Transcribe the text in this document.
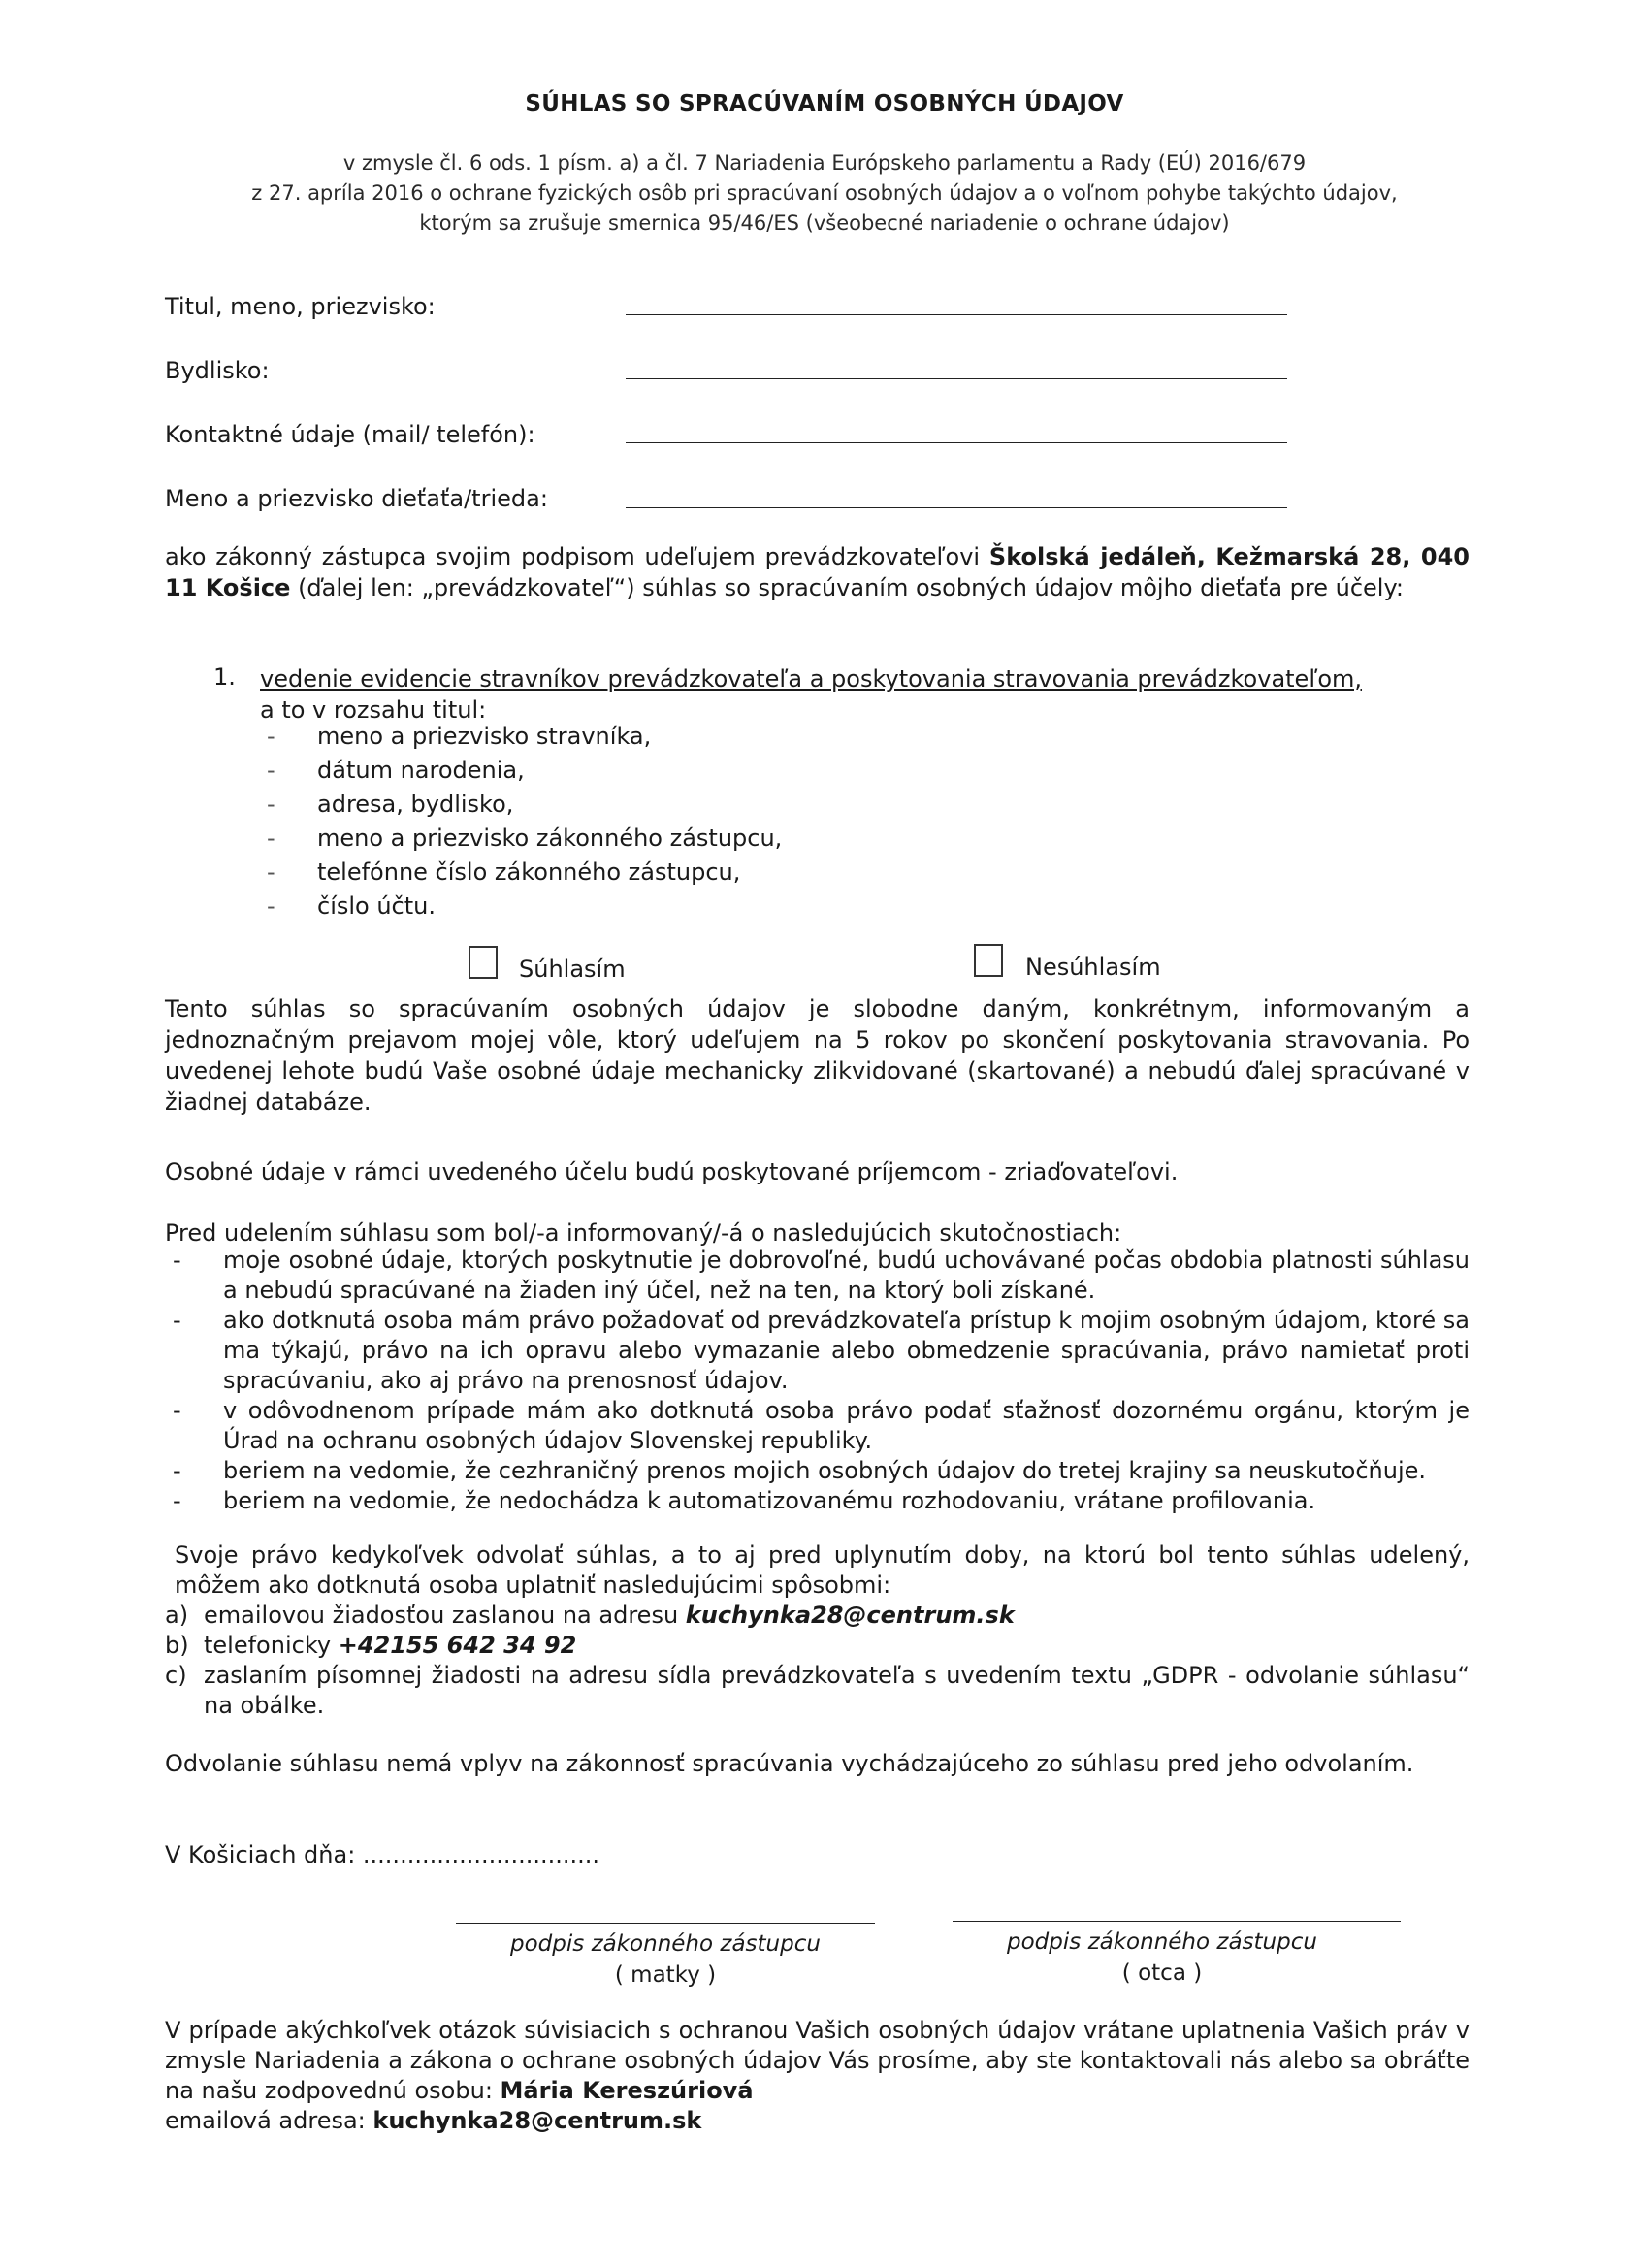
SÚHLAS SO SPRACÚVANÍM OSOBNÝCH ÚDAJOV
v zmysle čl. 6 ods. 1 písm. a) a čl. 7 Nariadenia Európskeho parlamentu a Rady (EÚ) 2016/679
z 27. apríla 2016 o ochrane fyzických osôb pri spracúvaní osobných údajov a o voľnom pohybe takýchto údajov,
ktorým sa zrušuje smernica 95/46/ES (všeobecné nariadenie o ochrane údajov)
Titul, meno, priezvisko:
Bydlisko:
Kontaktné údaje (mail/ telefón):
Meno a priezvisko dieťaťa/trieda:
ako zákonný zástupca svojim podpisom udeľujem prevádzkovateľovi Školská jedáleň, Kežmarská 28, 040 11 Košice (ďalej len: „prevádzkovateľ“) súhlas so spracúvaním osobných údajov môjho dieťaťa pre účely:
1. vedenie evidencie stravníkov prevádzkovateľa a poskytovania stravovania prevádzkovateľom,
a to v rozsahu titul:
- meno a priezvisko stravníka,
- dátum narodenia,
- adresa, bydlisko,
- meno a priezvisko zákonného zástupcu,
- telefónne číslo zákonného zástupcu,
- číslo účtu.
Súhlasím	Nesúhlasím
Tento súhlas so spracúvaním osobných údajov je slobodne daným, konkrétnym, informovaným a jednoznačným prejavom mojej vôle, ktorý udeľujem na 5 rokov po skončení poskytovania stravovania. Po uvedenej lehote budú Vaše osobné údaje mechanicky zlikvidované (skartované) a nebudú ďalej spracúvané v žiadnej databáze.
Osobné údaje v rámci uvedeného účelu budú poskytované príjemcom - zriaďovateľovi.
Pred udelením súhlasu som bol/-a informovaný/-á o nasledujúcich skutočnostiach:
- moje osobné údaje, ktorých poskytnutie je dobrovoľné, budú uchovávané počas obdobia platnosti súhlasu a nebudú spracúvané na žiaden iný účel, než na ten, na ktorý boli získané.
- ako dotknutá osoba mám právo požadovať od prevádzkovateľa prístup k mojim osobným údajom, ktoré sa ma týkajú, právo na ich opravu alebo vymazanie alebo obmedzenie spracúvania, právo namietať proti spracúvaniu, ako aj právo na prenosnosť údajov.
- v odôvodnenom prípade mám ako dotknutá osoba právo podať sťažnosť dozornému orgánu, ktorým je Úrad na ochranu osobných údajov Slovenskej republiky.
- beriem na vedomie, že cezhraničný prenos mojich osobných údajov do tretej krajiny sa neuskutočňuje.
- beriem na vedomie, že nedochádza k automatizovanému rozhodovaniu, vrátane profilovania.
Svoje právo kedykoľvek odvolať súhlas, a to aj pred uplynutím doby, na ktorú bol tento súhlas udelený, môžem ako dotknutá osoba uplatniť nasledujúcimi spôsobmi:
a) emailovou žiadosťou zaslanou na adresu kuchynka28@centrum.sk
b) telefonicky +42155 642 34 92
c) zaslaním písomnej žiadosti na adresu sídla prevádzkovateľa s uvedením textu „GDPR - odvolanie súhlasu“ na obálke.
Odvolanie súhlasu nemá vplyv na zákonnosť spracúvania vychádzajúceho zo súhlasu pred jeho odvolaním.
V Košiciach dňa: ................................
podpis zákonného zástupcu
( matky )
podpis zákonného zástupcu
( otca )
V prípade akýchkoľvek otázok súvisiacich s ochranou Vašich osobných údajov vrátane uplatnenia Vašich práv v zmysle Nariadenia a zákona o ochrane osobných údajov Vás prosíme, aby ste kontaktovali nás alebo sa obráťte na našu zodpovednú osobu: Mária Kereszúriová
emailová adresa: kuchynka28@centrum.sk
